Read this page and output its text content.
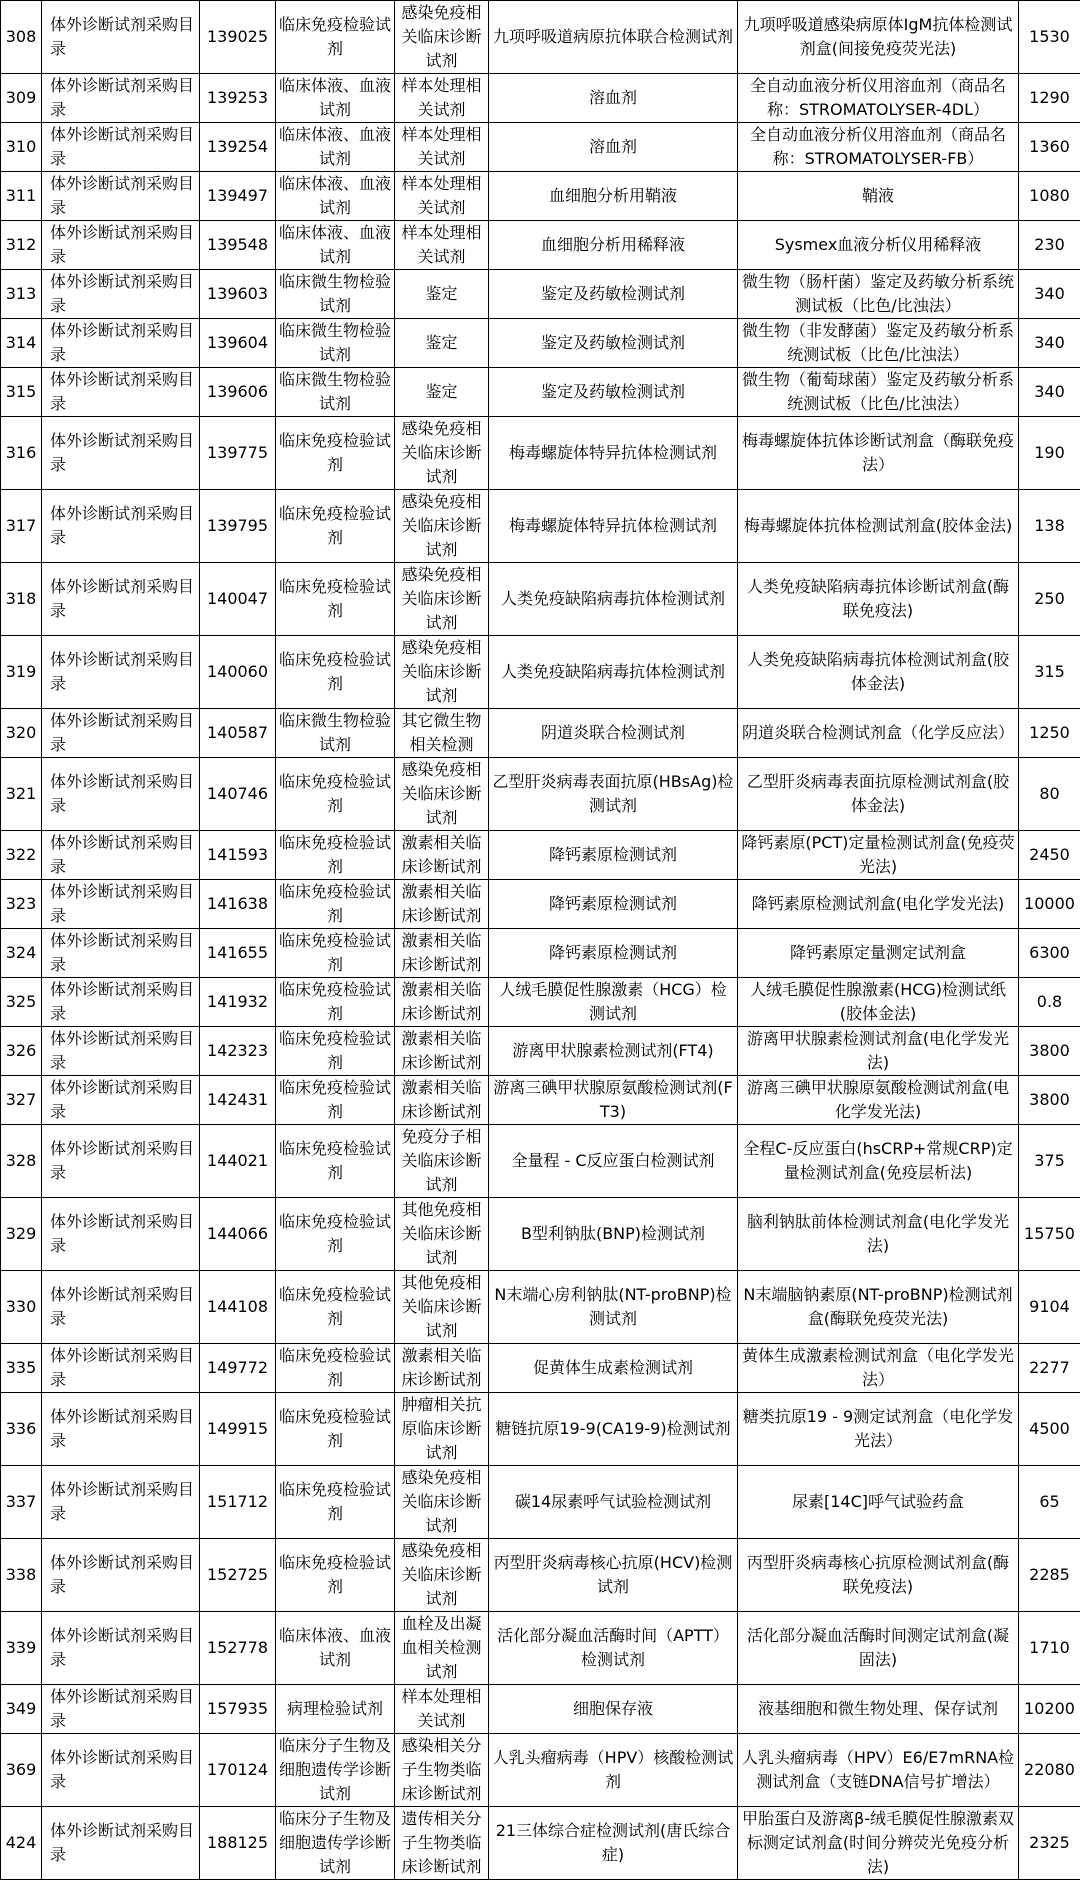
308	体外诊断试剂采购目录	139025	临床免疫检验试剂	感染免疫相关临床诊断试剂	九项呼吸道病原抗体联合检测试剂	九项呼吸道感染病原体IgM抗体检测试剂盒(间接免疫荧光法)	1530
309	体外诊断试剂采购目录	139253	临床体液、血液试剂	样本处理相关试剂	溶血剂	全自动血液分析仪用溶血剂（商品名称：STROMATOLYSER-4DL）	1290
310	体外诊断试剂采购目录	139254	临床体液、血液试剂	样本处理相关试剂	溶血剂	全自动血液分析仪用溶血剂（商品名称：STROMATOLYSER-FB）	1360
311	体外诊断试剂采购目录	139497	临床体液、血液试剂	样本处理相关试剂	血细胞分析用鞘液	鞘液	1080
312	体外诊断试剂采购目录	139548	临床体液、血液试剂	样本处理相关试剂	血细胞分析用稀释液	Sysmex血液分析仪用稀释液	230
313	体外诊断试剂采购目录	139603	临床微生物检验试剂	鉴定	鉴定及药敏检测试剂	微生物（肠杆菌）鉴定及药敏分析系统测试板（比色/比浊法）	340
314	体外诊断试剂采购目录	139604	临床微生物检验试剂	鉴定	鉴定及药敏检测试剂	微生物（非发酵菌）鉴定及药敏分析系统测试板（比色/比浊法）	340
315	体外诊断试剂采购目录	139606	临床微生物检验试剂	鉴定	鉴定及药敏检测试剂	微生物（葡萄球菌）鉴定及药敏分析系统测试板（比色/比浊法）	340
316	体外诊断试剂采购目录	139775	临床免疫检验试剂	感染免疫相关临床诊断试剂	梅毒螺旋体特异抗体检测试剂	梅毒螺旋体抗体诊断试剂盒（酶联免疫法）	190
317	体外诊断试剂采购目录	139795	临床免疫检验试剂	感染免疫相关临床诊断试剂	梅毒螺旋体特异抗体检测试剂	梅毒螺旋体抗体检测试剂盒(胶体金法)	138
318	体外诊断试剂采购目录	140047	临床免疫检验试剂	感染免疫相关临床诊断试剂	人类免疫缺陷病毒抗体检测试剂	人类免疫缺陷病毒抗体诊断试剂盒(酶联免疫法)	250
319	体外诊断试剂采购目录	140060	临床免疫检验试剂	感染免疫相关临床诊断试剂	人类免疫缺陷病毒抗体检测试剂	人类免疫缺陷病毒抗体检测试剂盒(胶体金法)	315
320	体外诊断试剂采购目录	140587	临床微生物检验试剂	其它微生物相关检测	阴道炎联合检测试剂	阴道炎联合检测试剂盒（化学反应法）	1250
321	体外诊断试剂采购目录	140746	临床免疫检验试剂	感染免疫相关临床诊断试剂	乙型肝炎病毒表面抗原(HBsAg)检测试剂	乙型肝炎病毒表面抗原检测试剂盒(胶体金法)	80
322	体外诊断试剂采购目录	141593	临床免疫检验试剂	激素相关临床诊断试剂	降钙素原检测试剂	降钙素原(PCT)定量检测试剂盒(免疫荧光法)	2450
323	体外诊断试剂采购目录	141638	临床免疫检验试剂	激素相关临床诊断试剂	降钙素原检测试剂	降钙素原检测试剂盒(电化学发光法)	10000
324	体外诊断试剂采购目录	141655	临床免疫检验试剂	激素相关临床诊断试剂	降钙素原检测试剂	降钙素原定量测定试剂盒	6300
325	体外诊断试剂采购目录	141932	临床免疫检验试剂	激素相关临床诊断试剂	人绒毛膜促性腺激素（HCG）检测试剂	人绒毛膜促性腺激素(HCG)检测试纸(胶体金法)	0.8
326	体外诊断试剂采购目录	142323	临床免疫检验试剂	激素相关临床诊断试剂	游离甲状腺素检测试剂(FT4)	游离甲状腺素检测试剂盒(电化学发光法)	3800
327	体外诊断试剂采购目录	142431	临床免疫检验试剂	激素相关临床诊断试剂	游离三碘甲状腺原氨酸检测试剂(FT3)	游离三碘甲状腺原氨酸检测试剂盒(电化学发光法)	3800
328	体外诊断试剂采购目录	144021	临床免疫检验试剂	免疫分子相关临床诊断试剂	全量程 - C反应蛋白检测试剂	全程C-反应蛋白(hsCRP+常规CRP)定量检测试剂盒(免疫层析法)	375
329	体外诊断试剂采购目录	144066	临床免疫检验试剂	其他免疫相关临床诊断试剂	B型利钠肽(BNP)检测试剂	脑利钠肽前体检测试剂盒(电化学发光法)	15750
330	体外诊断试剂采购目录	144108	临床免疫检验试剂	其他免疫相关临床诊断试剂	N末端心房利钠肽(NT-proBNP)检测试剂	N末端脑钠素原(NT-proBNP)检测试剂盒(酶联免疫荧光法)	9104
335	体外诊断试剂采购目录	149772	临床免疫检验试剂	激素相关临床诊断试剂	促黄体生成素检测试剂	黄体生成激素检测试剂盒（电化学发光法）	2277
336	体外诊断试剂采购目录	149915	临床免疫检验试剂	肿瘤相关抗原临床诊断试剂	糖链抗原19-9(CA19-9)检测试剂	糖类抗原19 - 9测定试剂盒（电化学发光法）	4500
337	体外诊断试剂采购目录	151712	临床免疫检验试剂	感染免疫相关临床诊断试剂	碳14尿素呼气试验检测试剂	尿素[14C]呼气试验药盒	65
338	体外诊断试剂采购目录	152725	临床免疫检验试剂	感染免疫相关临床诊断试剂	丙型肝炎病毒核心抗原(HCV)检测试剂	丙型肝炎病毒核心抗原检测试剂盒(酶联免疫法)	2285
339	体外诊断试剂采购目录	152778	临床体液、血液试剂	血栓及出凝血相关检测试剂	活化部分凝血活酶时间（APTT）检测试剂	活化部分凝血活酶时间测定试剂盒(凝固法)	1710
349	体外诊断试剂采购目录	157935	病理检验试剂	样本处理相关试剂	细胞保存液	液基细胞和微生物处理、保存试剂	10200
369	体外诊断试剂采购目录	170124	临床分子生物及细胞遗传学诊断试剂	感染相关分子生物类临床诊断试剂	人乳头瘤病毒（HPV）核酸检测试剂	人乳头瘤病毒（HPV）E6/E7mRNA检测试剂盒（支链DNA信号扩增法）	22080
424	体外诊断试剂采购目录	188125	临床分子生物及细胞遗传学诊断试剂	遗传相关分子生物类临床诊断试剂	21三体综合症检测试剂(唐氏综合症)	甲胎蛋白及游离β-绒毛膜促性腺激素双标测定试剂盒(时间分辨荧光免疫分析法)	2325
